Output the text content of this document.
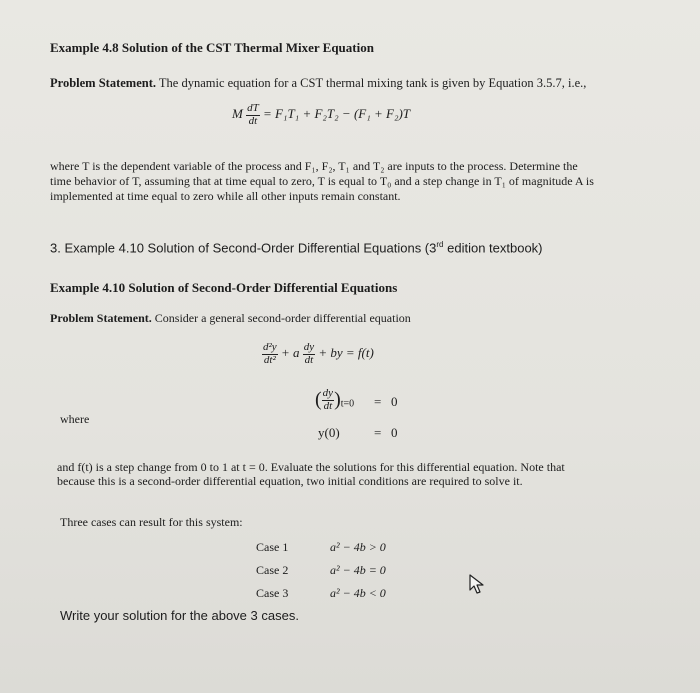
Example 4.8 Solution of the CST Thermal Mixer Equation
Problem Statement. The dynamic equation for a CST thermal mixing tank is given by Equation 3.5.7, i.e.,
M $\frac{dT}{dt} = F_1T_1 + F_2T_2 - (F_1 + F_2)T$
where T is the dependent variable of the process and F₁, F₂, T₁ and T₂ are inputs to the process. Determine the
time behavior of T, assuming that at time equal to zero, T is equal to T₀ and a step change in T₁ of magnitude A is
implemented at time equal to zero while all other inputs remain constant.
3. Example 4.10 Solution of Second-Order Differential Equations (3rd edition textbook)
Example 4.10 Solution of Second-Order Differential Equations
Problem Statement. Consider a general second-order differential equation
$\frac{\text{d²y}}{\text{dt²}} + a \frac{dy}{dt}$ + by = f(t)
where
( $\frac{dy}{dt} )_{t=0} = 0$
y(0)	= 0
and f(t) is a step change from 0 to 1 at t = 0. Evaluate the solutions for this differential equation. Note that
because this is a second-order differential equation, two initial conditions are required to solve it.
Three cases can result for this system:
Case 1	a² − 4b > 0
Case 2	a² − 4b = 0
Case 3	a² − 4b < 0
Write your solution for the above 3 cases.
